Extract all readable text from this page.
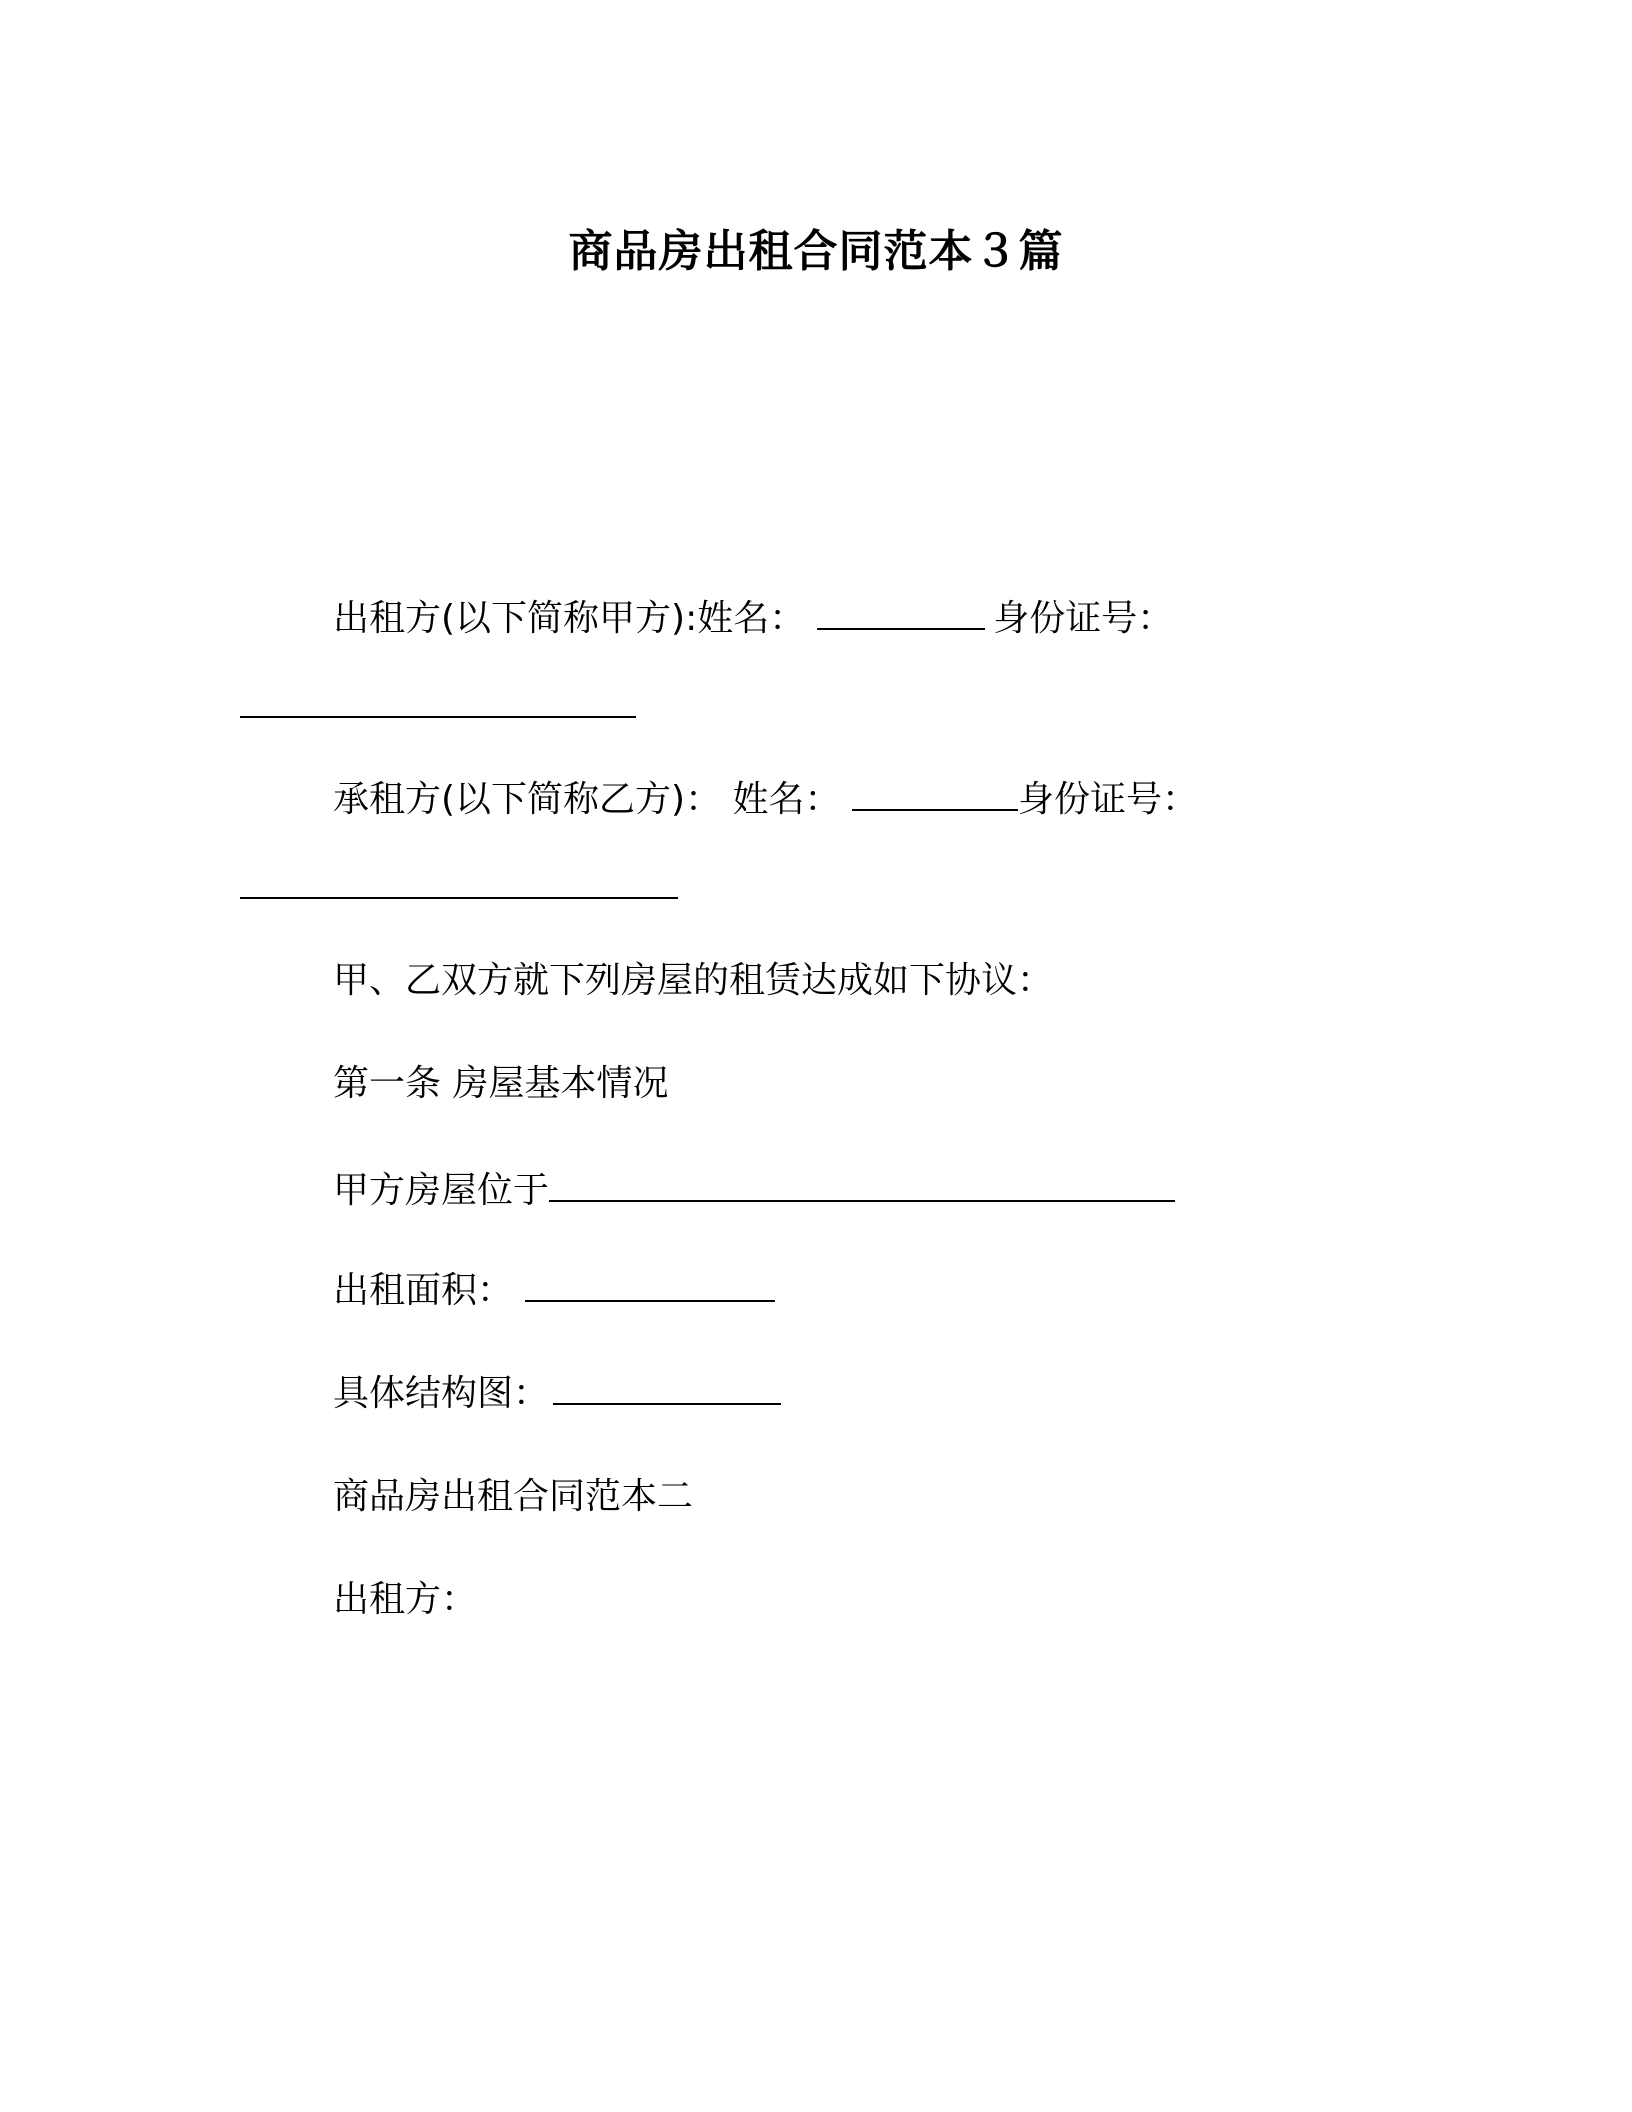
商品房出租合同范本３篇
出租方(以下简称甲方):姓名：	身份证号：
承租方(以下简称乙方)： 姓名：	身份证号：
甲、乙双方就下列房屋的租赁达成如下协议：
第一条 房屋基本情况
甲方房屋位于
出租面积：
具体结构图：
商品房出租合同范本二
出租方：
